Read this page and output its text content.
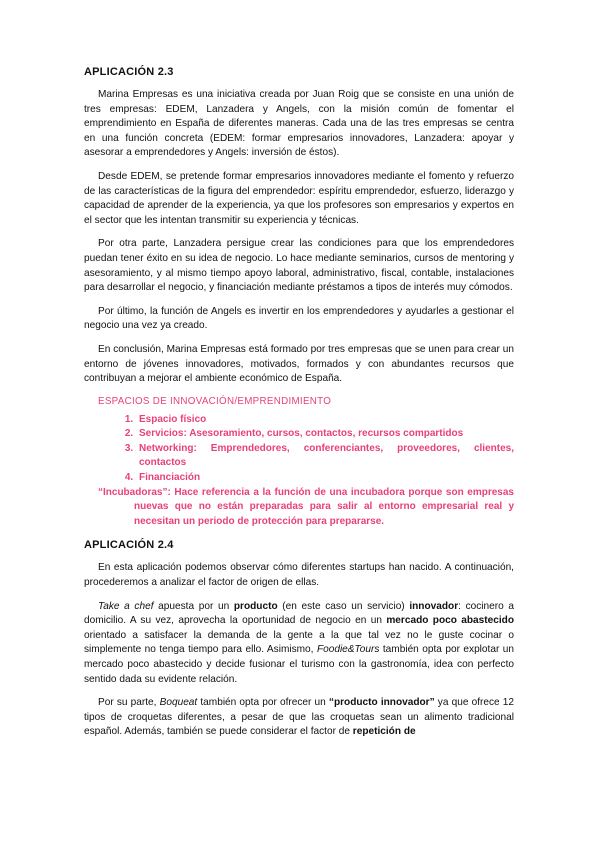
APLICACIÓN 2.3

Marina Empresas es una iniciativa creada por Juan Roig que se consiste en una unión de tres empresas: EDEM, Lanzadera y Angels, con la misión común de fomentar el emprendimiento en España de diferentes maneras. Cada una de las tres empresas se centra en una función concreta (EDEM: formar empresarios innovadores, Lanzadera: apoyar y asesorar a emprendedores y Angels: inversión de éstos).

Desde EDEM, se pretende formar empresarios innovadores mediante el fomento y refuerzo de las características de la figura del emprendedor: espíritu emprendedor, esfuerzo, liderazgo y capacidad de aprender de la experiencia, ya que los profesores son empresarios y expertos en el sector que les intentan transmitir su experiencia y técnicas.

Por otra parte, Lanzadera persigue crear las condiciones para que los emprendedores puedan tener éxito en su idea de negocio. Lo hace mediante seminarios, cursos de mentoring y asesoramiento, y al mismo tiempo apoyo laboral, administrativo, fiscal, contable, instalaciones para desarrollar el negocio, y financiación mediante préstamos a tipos de interés muy cómodos.

Por último, la función de Angels es invertir en los emprendedores y ayudarles a gestionar el negocio una vez ya creado.

En conclusión, Marina Empresas está formado por tres empresas que se unen para crear un entorno de jóvenes innovadores, motivados, formados y con abundantes recursos que contribuyan a mejorar el ambiente económico de España.

ESPACIOS DE INNOVACIÓN/EMPRENDIMIENTO
1. Espacio físico
2. Servicios: Asesoramiento, cursos, contactos, recursos compartidos
3. Networking: Emprendedores, conferenciantes, proveedores, clientes, contactos
4. Financiación
“Incubadoras”: Hace referencia a la función de una incubadora porque son empresas nuevas que no están preparadas para salir al entorno empresarial real y necesitan un periodo de protección para prepararse.
APLICACIÓN 2.4

En esta aplicación podemos observar cómo diferentes startups han nacido. A continuación, procederemos a analizar el factor de origen de ellas.

Take a chef apuesta por un producto (en este caso un servicio) innovador: cocinero a domicilio. A su vez, aprovecha la oportunidad de negocio en un mercado poco abastecido orientado a satisfacer la demanda de la gente a la que tal vez no le guste cocinar o simplemente no tenga tiempo para ello. Asimismo, Foodie&Tours también opta por explotar un mercado poco abastecido y decide fusionar el turismo con la gastronomía, idea con perfecto sentido dada su evidente relación.

Por su parte, Boqueat también opta por ofrecer un “producto innovador” ya que ofrece 12 tipos de croquetas diferentes, a pesar de que las croquetas sean un alimento tradicional español. Además, también se puede considerar el factor de repetición de
